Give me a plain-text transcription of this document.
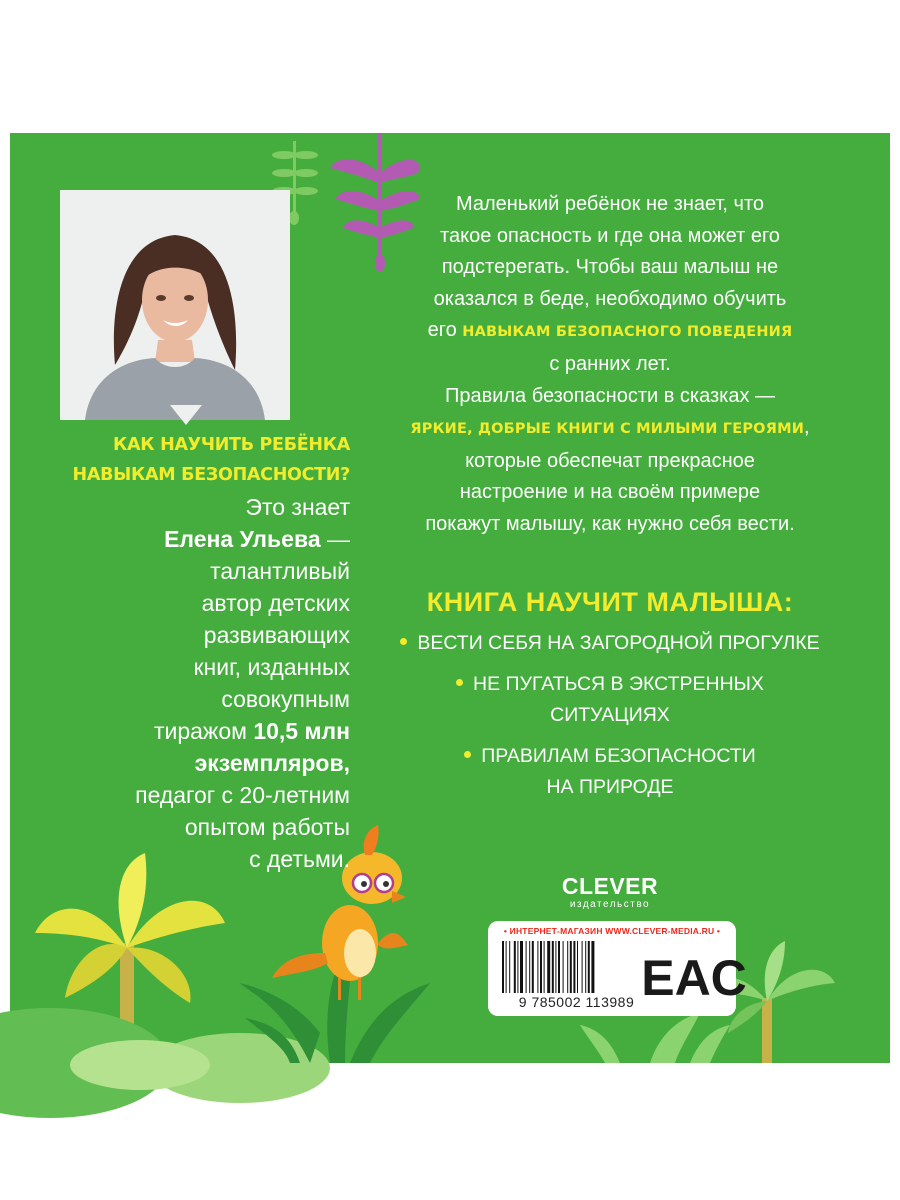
КАК НАУЧИТЬ РЕБЁНКА
НАВЫКАМ БЕЗОПАСНОСТИ?
Это знает
Елена Ульева —
талантливый
автор детских
развивающих
книг, изданных
совокупным
тиражом 10,5 млн
экземпляров,
педагог с 20-летним
опытом работы
с детьми.
Маленький ребёнок не знает, что
такое опасность и где она может его
подстерегать. Чтобы ваш малыш не
оказался в беде, необходимо обучить
его НАВЫКАМ БЕЗОПАСНОГО ПОВЕДЕНИЯ
с ранних лет.
Правила безопасности в сказках —
ЯРКИЕ, ДОБРЫЕ КНИГИ С МИЛЫМИ ГЕРОЯМИ,
которые обеспечат прекрасное
настроение и на своём примере
покажут малышу, как нужно себя вести.
КНИГА НАУЧИТ МАЛЫША:
ВЕСТИ СЕБЯ НА ЗАГОРОДНОЙ ПРОГУЛКЕ
НЕ ПУГАТЬСЯ В ЭКСТРЕННЫХ
СИТУАЦИЯХ
ПРАВИЛАМ БЕЗОПАСНОСТИ
НА ПРИРОДЕ
CLEVER
издательство
• ИНТЕРНЕТ-МАГАЗИН WWW.CLEVER-MEDIA.RU •
9 785002 113989 EAC
